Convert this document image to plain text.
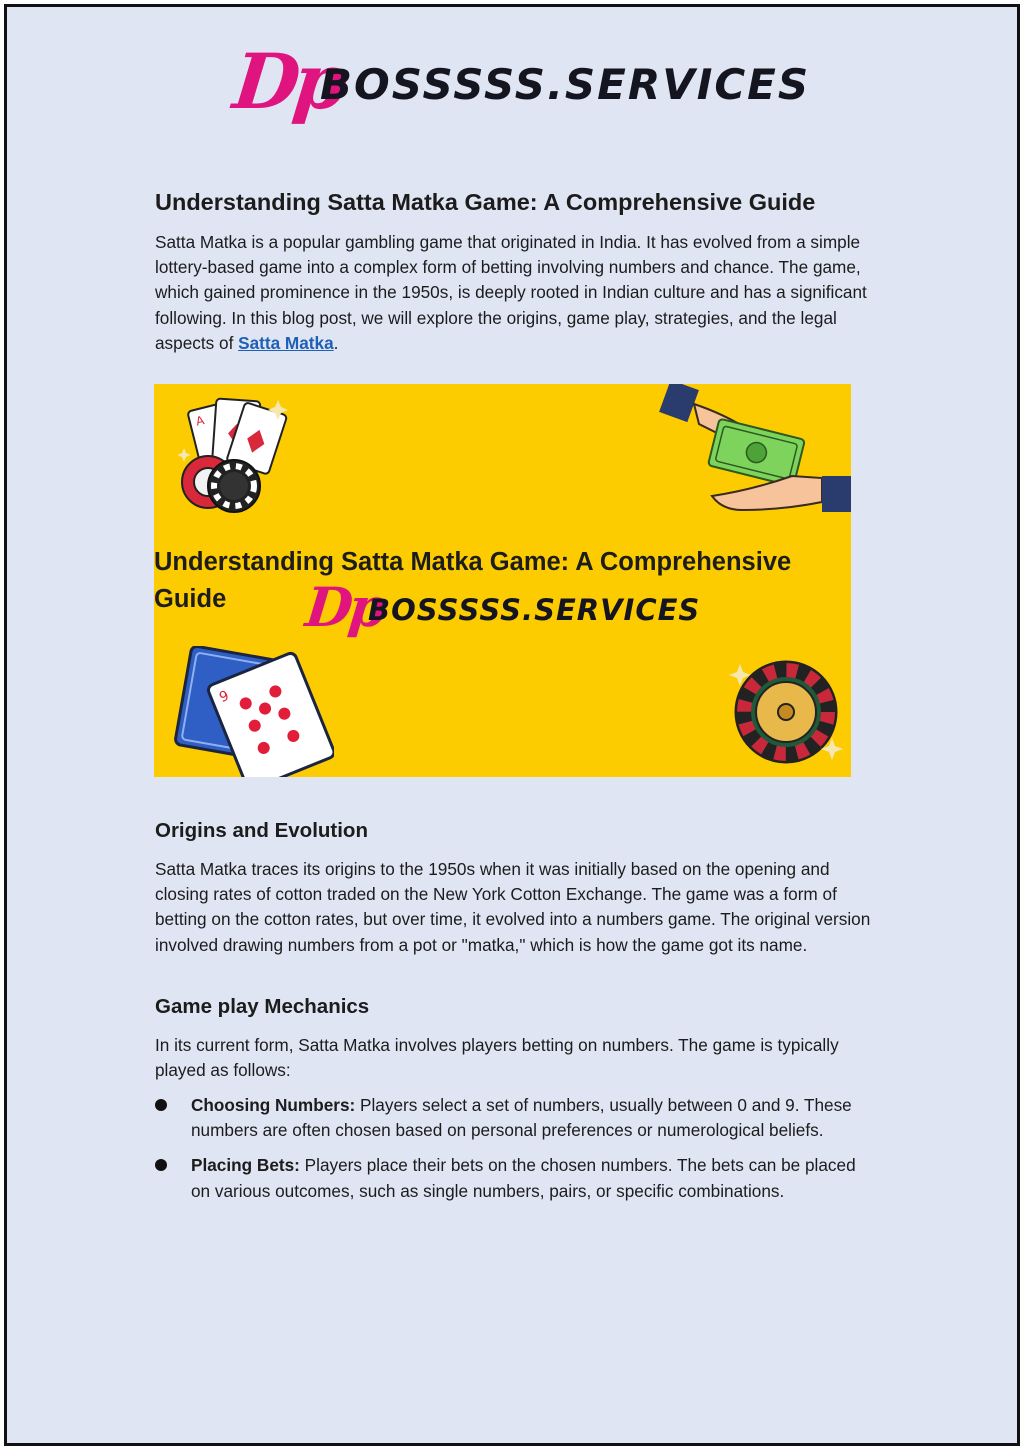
Dp
BOSSSSS.SERVICES
Understanding Satta Matka Game: A Comprehensive Guide
Satta Matka is a popular gambling game that originated in India. It has evolved from a simple lottery-based game into a complex form of betting involving numbers and chance. The game, which gained prominence in the 1950s, is deeply rooted in Indian culture and has a significant following. In this blog post, we will explore the origins, game play, strategies, and the legal aspects of Satta Matka.
A
9
Understanding Satta Matka Game: A Comprehensive Guide	Dp
BOSSSSS.SERVICES
Origins and Evolution
Satta Matka traces its origins to the 1950s when it was initially based on the opening and closing rates of cotton traded on the New York Cotton Exchange. The game was a form of betting on the cotton rates, but over time, it evolved into a numbers game. The original version involved drawing numbers from a pot or "matka," which is how the game got its name.
Game play Mechanics
In its current form, Satta Matka involves players betting on numbers. The game is typically played as follows:
Choosing Numbers: Players select a set of numbers, usually between 0 and 9. These numbers are often chosen based on personal preferences or numerological beliefs.
Placing Bets: Players place their bets on the chosen numbers. The bets can be placed on various outcomes, such as single numbers, pairs, or specific combinations.
